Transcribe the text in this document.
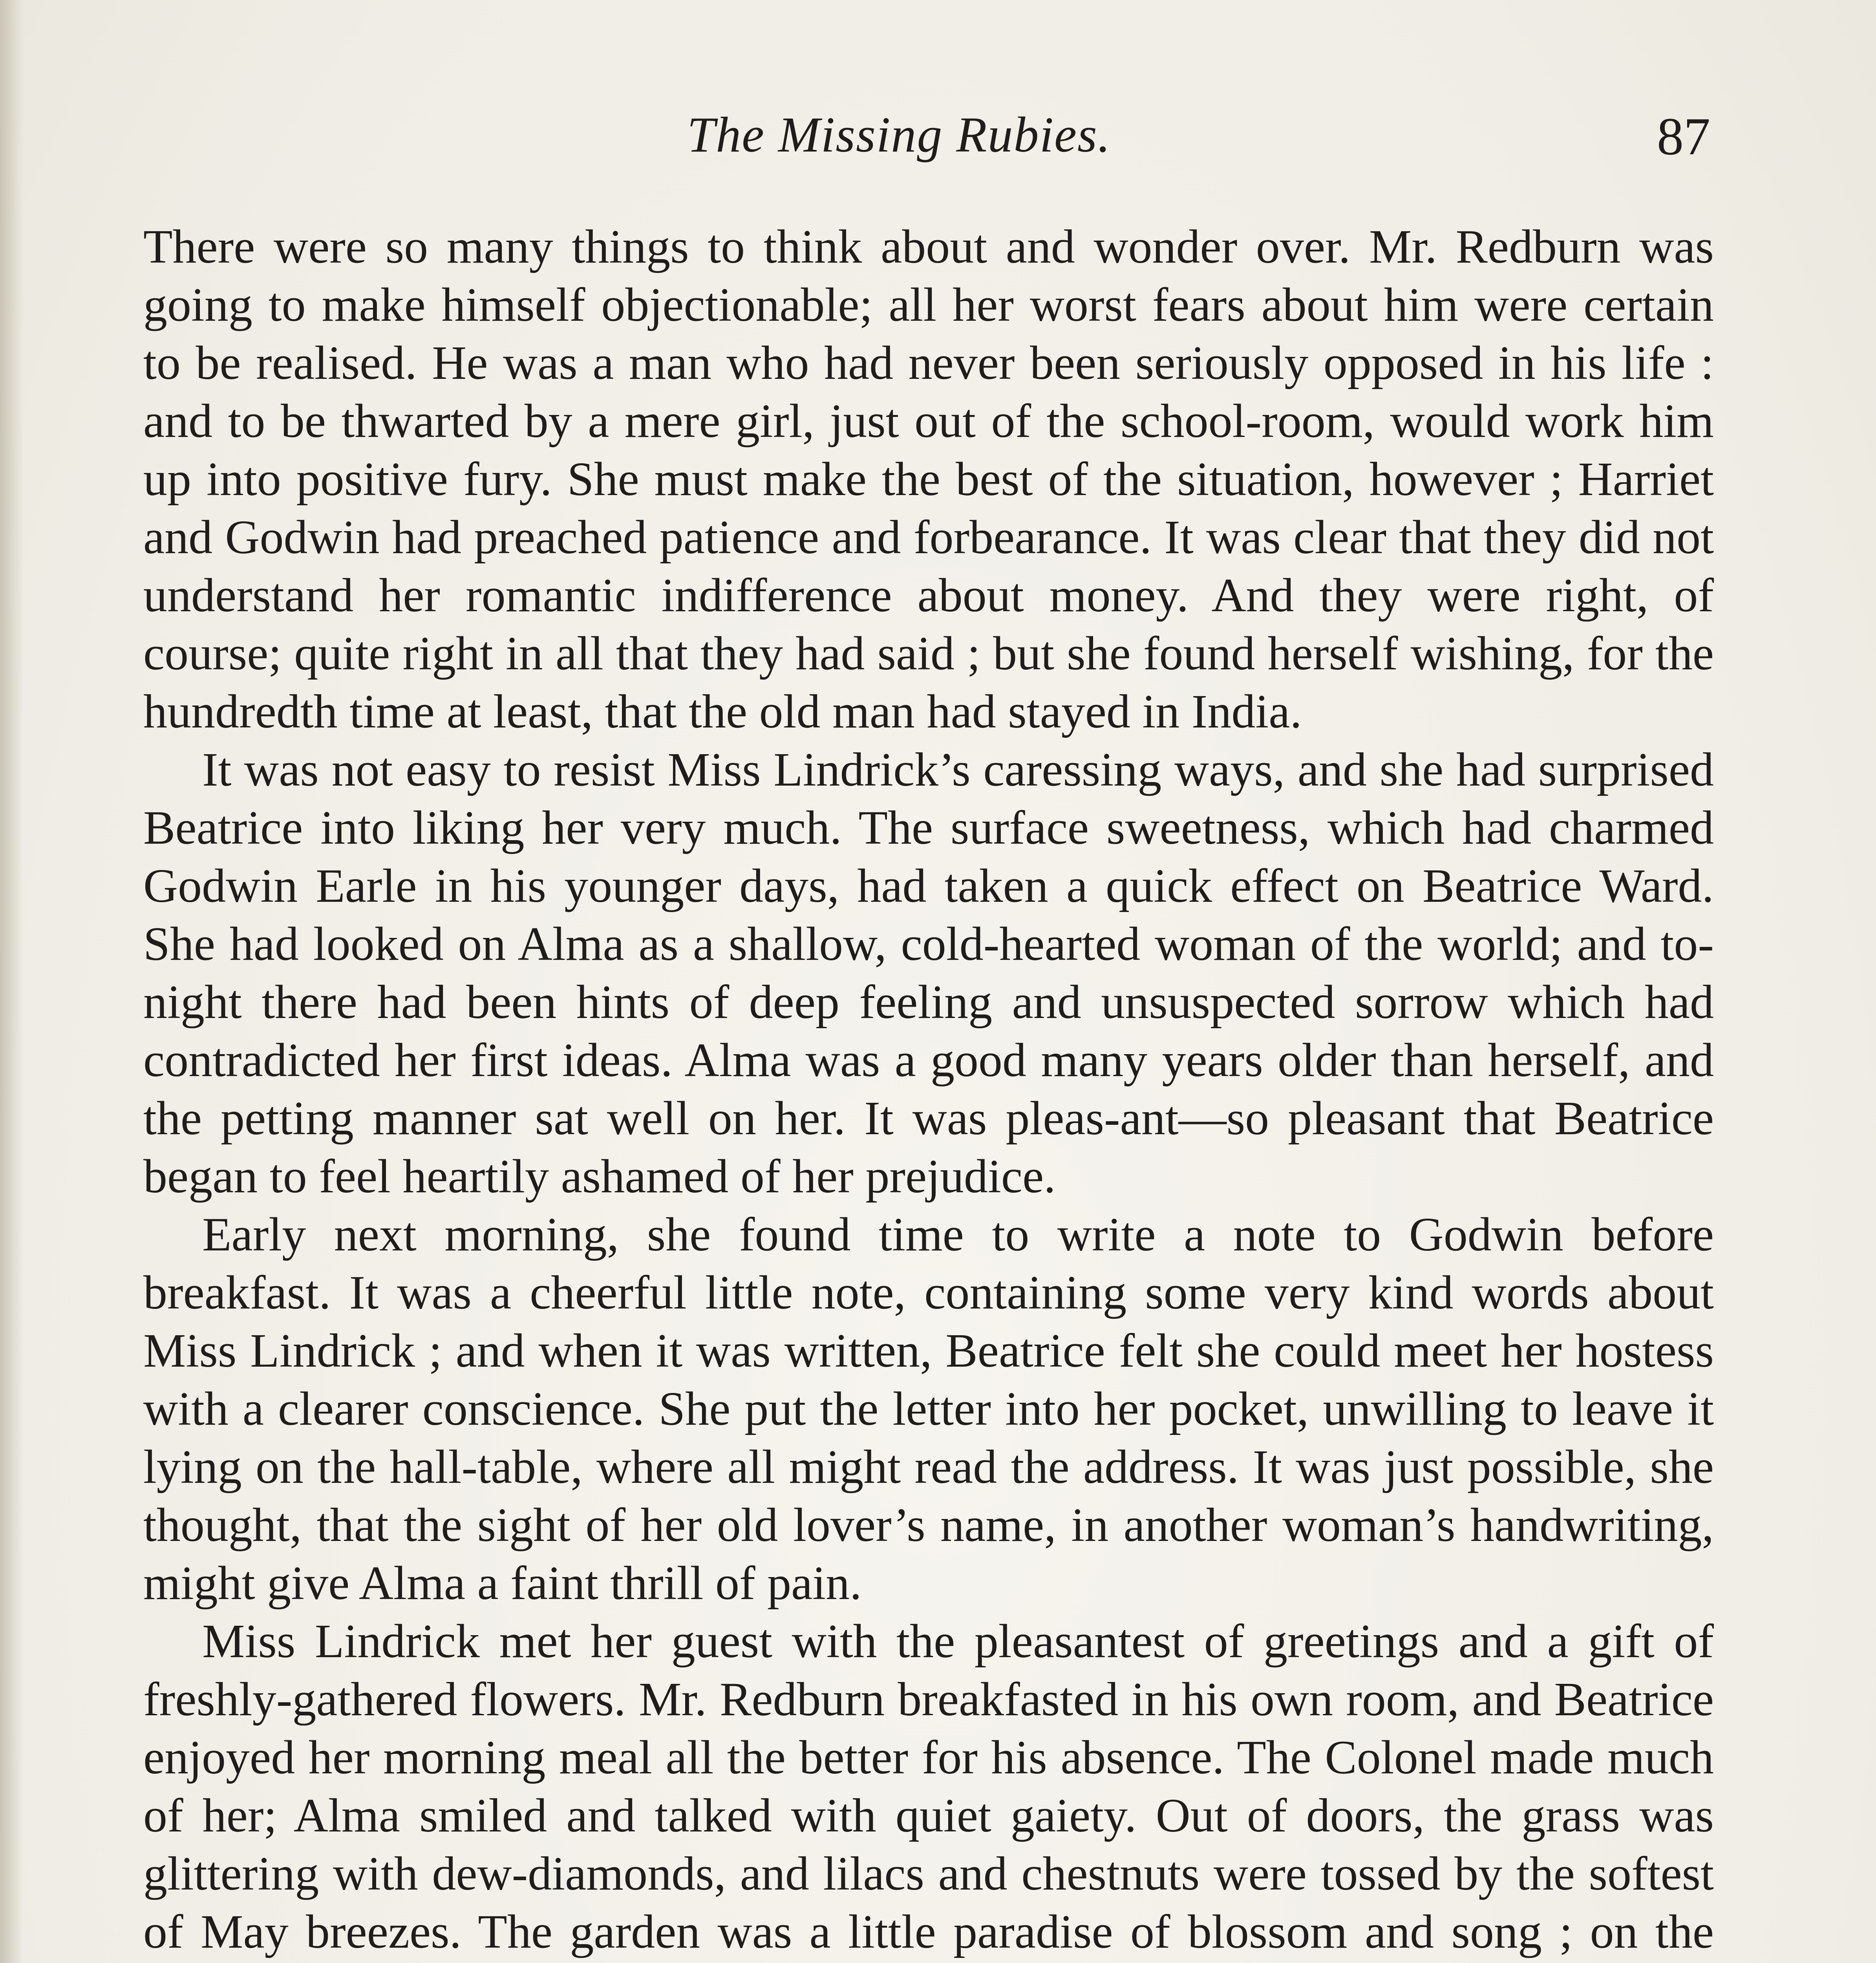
The Missing Rubies.	87

There were so many things to think about and wonder over. Mr. Redburn was going to make himself objectionable; all her worst fears about him were certain to be realised. He was a man who had never been seriously opposed in his life : and to be thwarted by a mere girl, just out of the school-room, would work him up into positive fury. She must make the best of the situation, however ; Harriet and Godwin had preached patience and forbearance. It was clear that they did not understand her romantic indifference about money. And they were right, of course; quite right in all that they had said ; but she found herself wishing, for the hundredth time at least, that the old man had stayed in India.

It was not easy to resist Miss Lindrick’s caressing ways, and she had surprised Beatrice into liking her very much. The surface sweetness, which had charmed Godwin Earle in his younger days, had taken a quick effect on Beatrice Ward. She had looked on Alma as a shallow, cold-hearted woman of the world; and to-night there had been hints of deep feeling and unsuspected sorrow which had contradicted her first ideas. Alma was a good many years older than herself, and the petting manner sat well on her. It was pleas-ant—so pleasant that Beatrice began to feel heartily ashamed of her prejudice.

Early next morning, she found time to write a note to Godwin before breakfast. It was a cheerful little note, containing some very kind words about Miss Lindrick ; and when it was written, Beatrice felt she could meet her hostess with a clearer conscience. She put the letter into her pocket, unwilling to leave it lying on the hall-table, where all might read the address. It was just possible, she thought, that the sight of her old lover’s name, in another woman’s handwriting, might give Alma a faint thrill of pain.

Miss Lindrick met her guest with the pleasantest of greetings and a gift of freshly-gathered flowers. Mr. Redburn breakfasted in his own room, and Beatrice enjoyed her morning meal all the better for his absence. The Colonel made much of her; Alma smiled and talked with quiet gaiety. Out of doors, the grass was glittering with dew-diamonds, and lilacs and chestnuts were tossed by the softest of May breezes. The garden was a little paradise of blossom and song ; on the
